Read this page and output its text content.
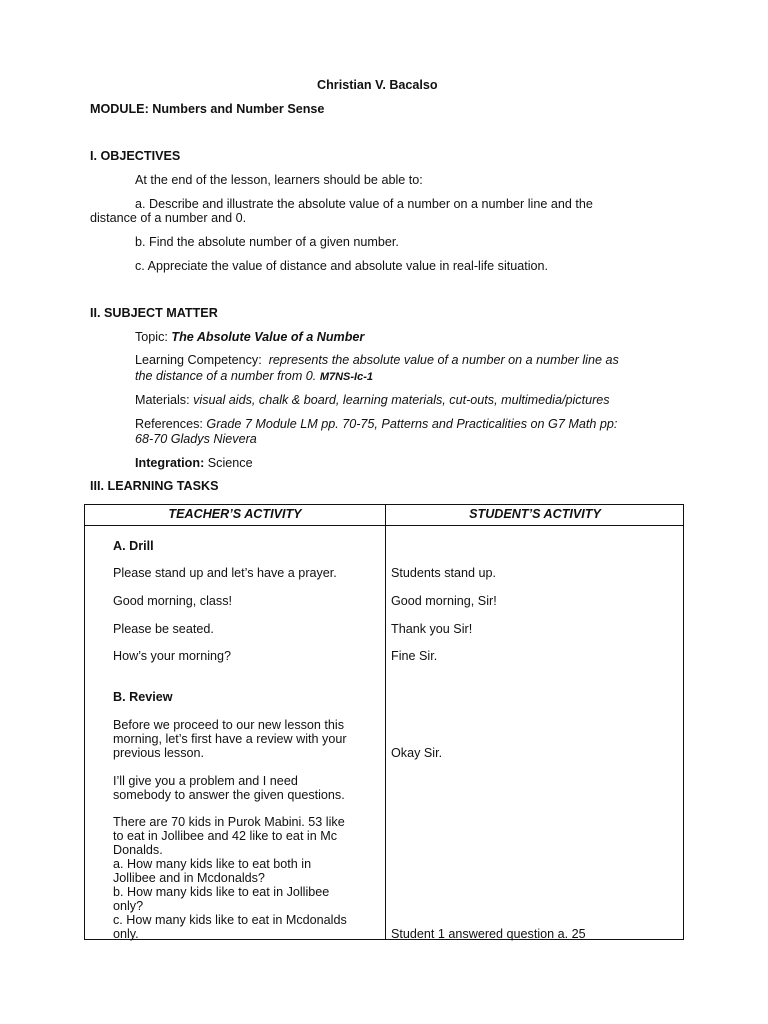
Christian V. Bacalso
MODULE: Numbers and Number Sense
I. OBJECTIVES
At the end of the lesson, learners should be able to:
a. Describe and illustrate the absolute value of a number on a number line and the
distance of a number and 0.
b. Find the absolute number of a given number.
c. Appreciate the value of distance and absolute value in real-life situation.
II. SUBJECT MATTER
Topic: The Absolute Value of a Number
Learning Competency: represents the absolute value of a number on a number line as
the distance of a number from 0. M7NS-Ic-1
Materials: visual aids, chalk & board, learning materials, cut-outs, multimedia/pictures
References: Grade 7 Module LM pp. 70-75, Patterns and Practicalities on G7 Math pp:
68-70 Gladys Nievera
Integration: Science
III. LEARNING TASKS
TEACHER’S ACTIVITY	STUDENT’S ACTIVITY
A. Drill
Please stand up and let’s have a prayer.	Students stand up.
Good morning, class!	Good morning, Sir!
Please be seated.	Thank you Sir!
How’s your morning?	Fine Sir.
B. Review
Before we proceed to our new lesson this
morning, let’s first have a review with your
previous lesson.	Okay Sir.
I’ll give you a problem and I need
somebody to answer the given questions.
There are 70 kids in Purok Mabini. 53 like
to eat in Jollibee and 42 like to eat in Mc
Donalds.
a. How many kids like to eat both in
Jollibee and in Mcdonalds?
b. How many kids like to eat in Jollibee
only?
c. How many kids like to eat in Mcdonalds
only.	Student 1 answered question a. 25
